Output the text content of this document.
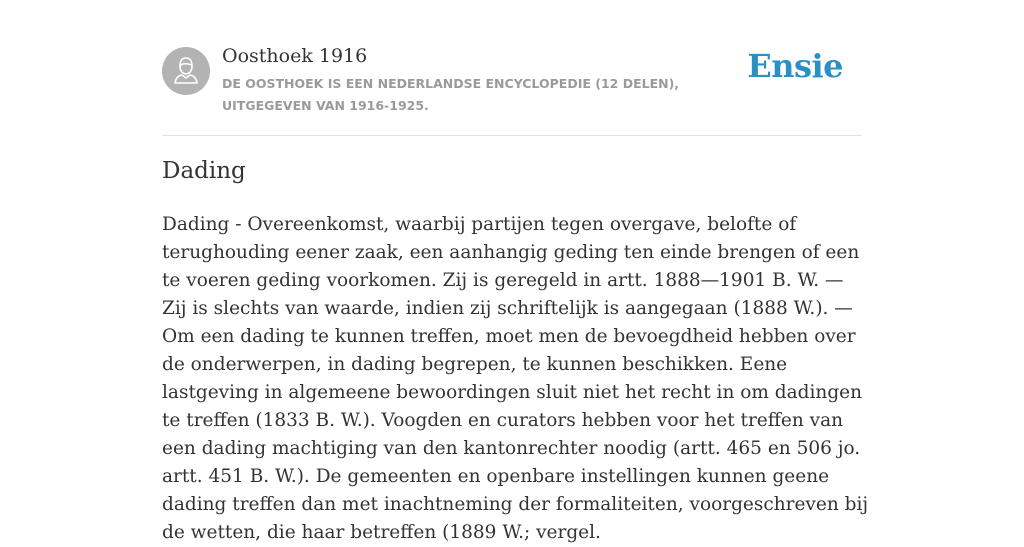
Oosthoek 1916

DE OOSTHOEK IS EEN NEDERLANDSE ENCYCLOPEDIE (12 DELEN), UITGEGEVEN VAN 1916-1925.

Ensie
Dading

Dading - Overeenkomst, waarbij partijen tegen overgave, belofte of terughouding eener zaak, een aanhangig geding ten einde brengen of een te voeren geding voorkomen. Zij is geregeld in artt. 1888—1901 B. W. — Zij is slechts van waarde, indien zij schriftelijk is aangegaan (1888 W.). — Om een dading te kunnen treffen, moet men de bevoegdheid hebben over de onderwerpen, in dading begrepen, te kunnen beschikken. Eene lastgeving in algemeene bewoordingen sluit niet het recht in om dadingen te treffen (1833 B. W.). Voogden en curators hebben voor het treffen van een dading machtiging van den kantonrechter noodig (artt. 465 en 506 jo. artt. 451 B. W.). De gemeenten en openbare instellingen kunnen geene dading treffen dan met inachtneming der formaliteiten, voorgeschreven bij de wetten, die haar betreffen (1889 W.; vergel.
